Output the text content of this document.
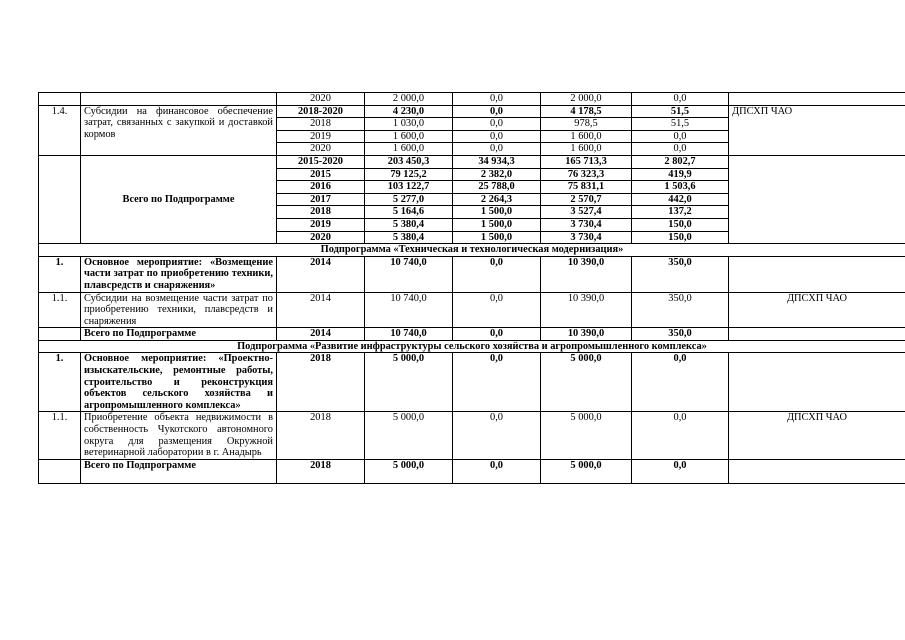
		2020	2 000,0	0,0	2 000,0	0,0	
1.4.	Субсидии на финансовое обеспечение затрат, связанных с закупкой и доставкой кормов	2018-2020	4 230,0	0,0	4 178,5	51,5	ДПСХП ЧАО
		2018	1 030,0	0,0	978,5	51,5	
		2019	1 600,0	0,0	1 600,0	0,0	
		2020	1 600,0	0,0	1 600,0	0,0	
	Всего по Подпрограмме	2015-2020	203 450,3	34 934,3	165 713,3	2 802,7	
		2015	79 125,2	2 382,0	76 323,3	419,9	
		2016	103 122,7	25 788,0	75 831,1	1 503,6	
		2017	5 277,0	2 264,3	2 570,7	442,0	
		2018	5 164,6	1 500,0	3 527,4	137,2	
		2019	5 380,4	1 500,0	3 730,4	150,0	
		2020	5 380,4	1 500,0	3 730,4	150,0	
Подпрограмма «Техническая и технологическая модернизация»							
1.	Основное мероприятие: «Возмещение части затрат по приобретению техники, плавсредств и снаряжения»	2014	10 740,0	0,0	10 390,0	350,0	
1.1.	Субсидии на возмещение части затрат по приобретению техники, плавсредств и снаряжения	2014	10 740,0	0,0	10 390,0	350,0	ДПСХП ЧАО
	Всего по Подпрограмме	2014	10 740,0	0,0	10 390,0	350,0	
Подпрограмма «Развитие инфраструктуры сельского хозяйства и агропромышленного комплекса»							
1.	Основное мероприятие: «Проектно-изыскательские, ремонтные работы, строительство и реконструкция объектов сельского хозяйства и агропромышленного комплекса»	2018	5 000,0	0,0	5 000,0	0,0	
1.1.	Приобретение объекта недвижимости в собственность Чукотского автономного округа для размещения Окружной ветеринарной лаборатории в г. Анадырь	2018	5 000,0	0,0	5 000,0	0,0	ДПСХП ЧАО
	Всего по Подпрограмме	2018	5 000,0	0,0	5 000,0	0,0	
